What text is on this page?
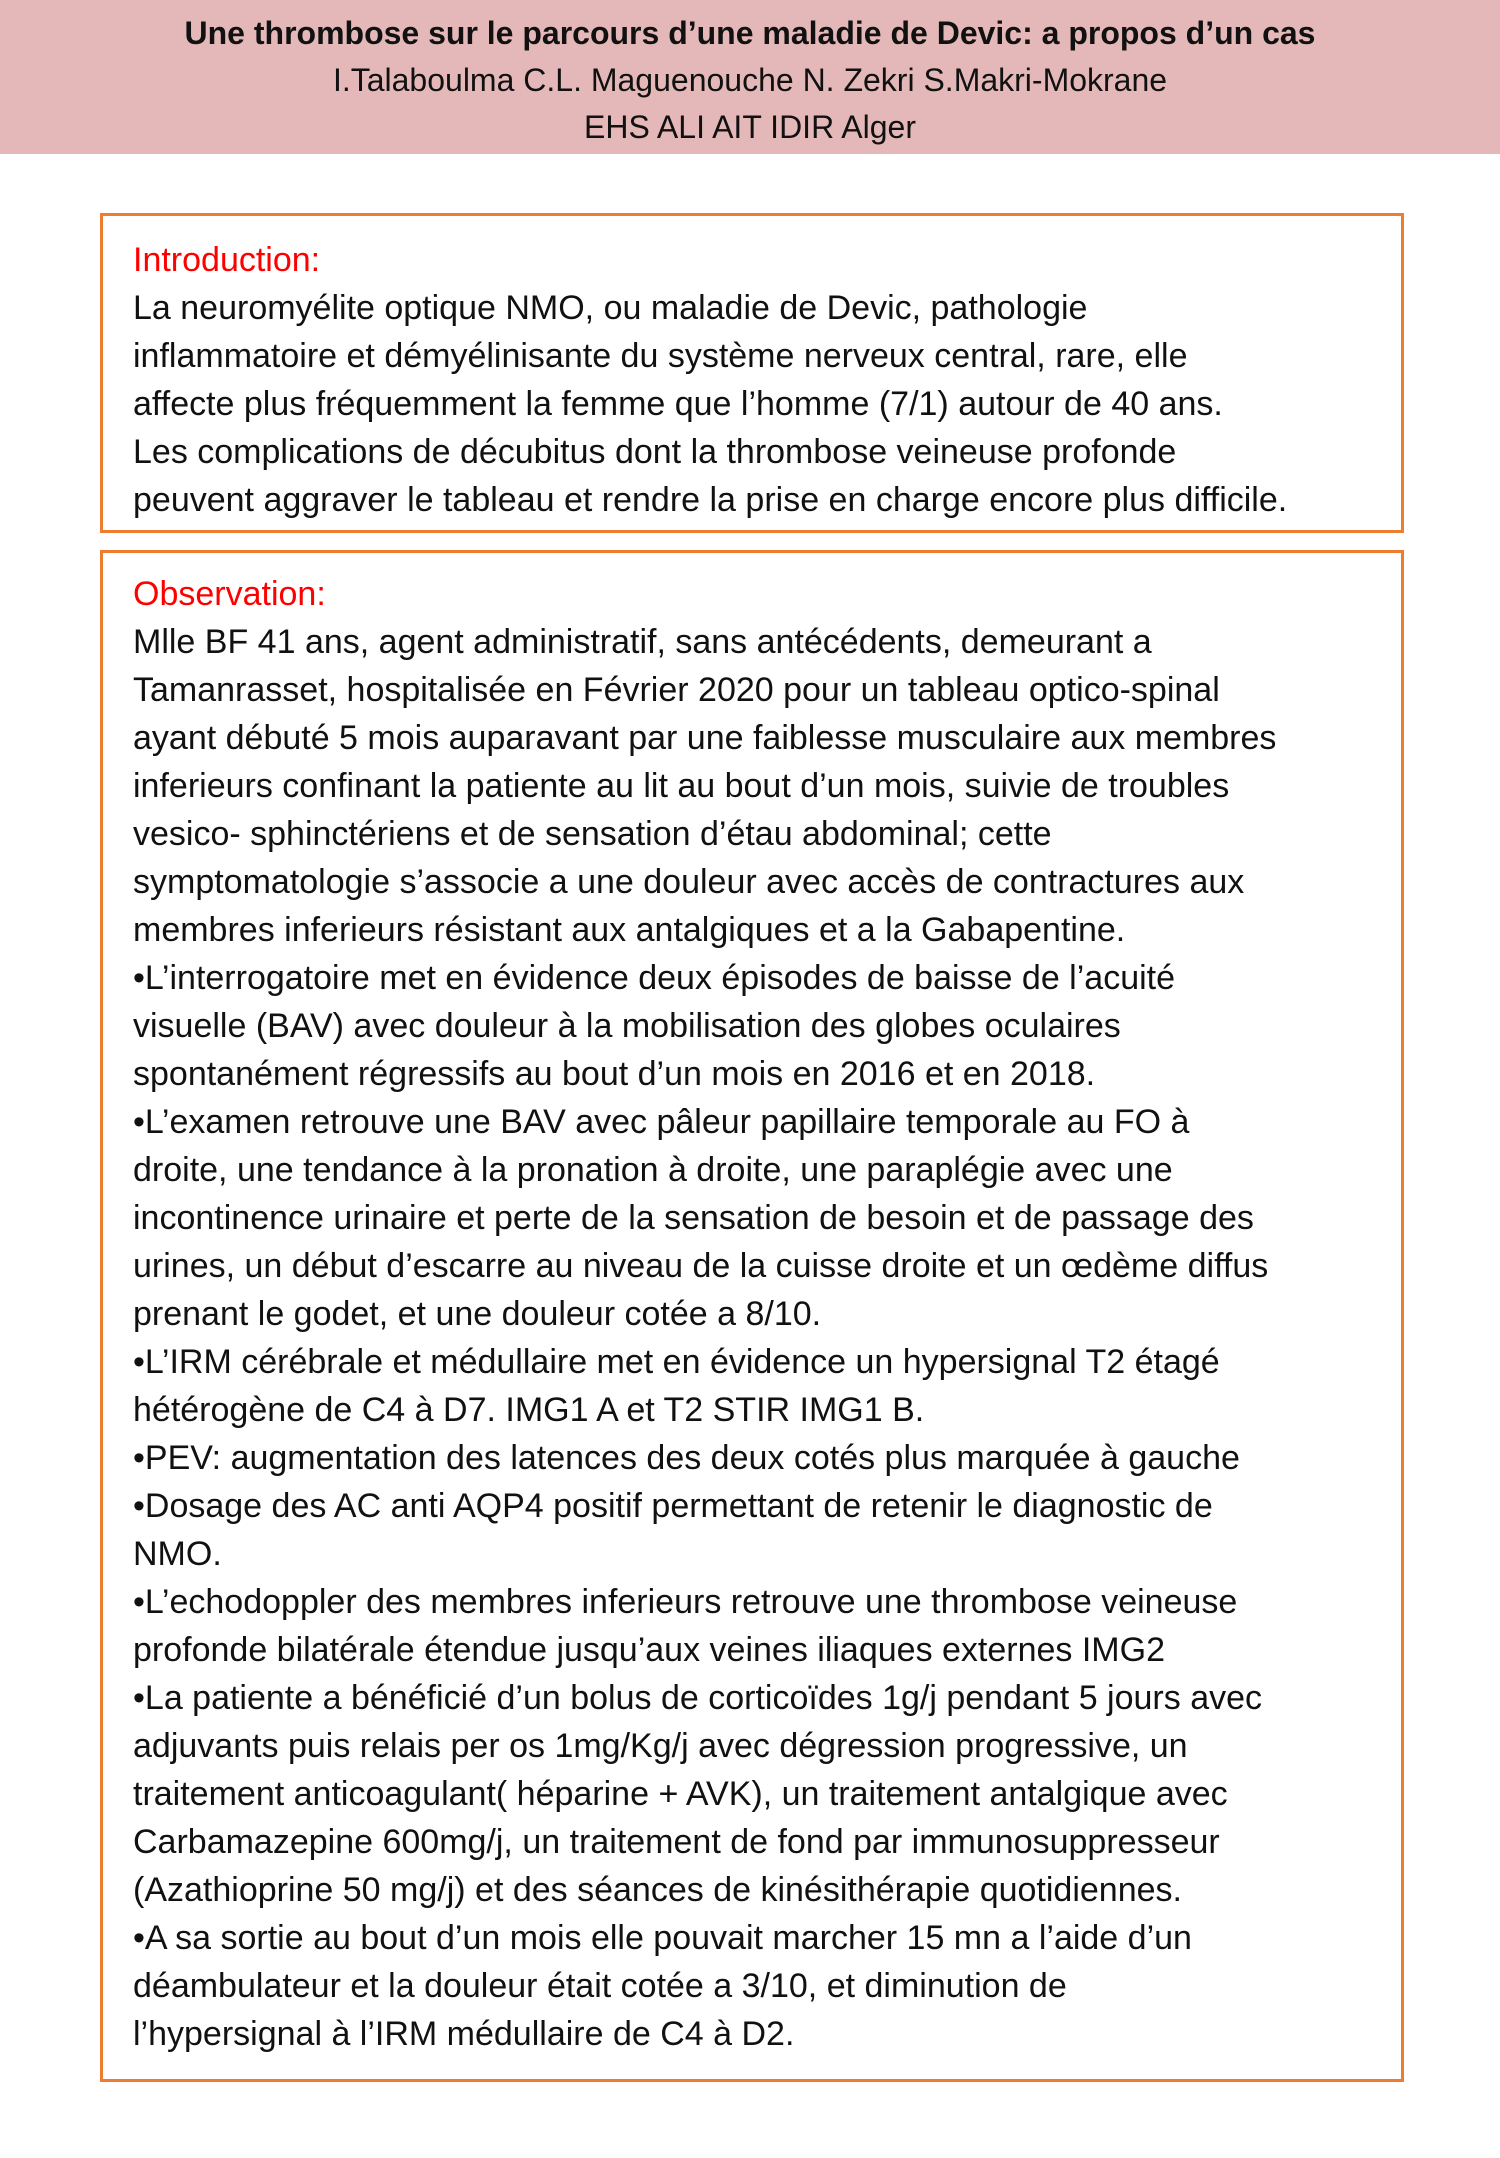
Une thrombose sur le parcours d’une maladie de Devic: a propos d’un cas
I.Talaboulma C.L. Maguenouche N. Zekri S.Makri-Mokrane
EHS ALI AIT IDIR Alger
Introduction:
La neuromyélite optique NMO, ou maladie de Devic, pathologie
inflammatoire et démyélinisante du système nerveux central, rare, elle
affecte plus fréquemment la femme que l’homme (7/1) autour de 40 ans.
Les complications de décubitus dont la thrombose veineuse profonde
peuvent aggraver le tableau et rendre la prise en charge encore plus difficile.
Observation:
Mlle BF 41 ans, agent administratif, sans antécédents, demeurant a
Tamanrasset, hospitalisée en Février 2020 pour un tableau optico-spinal
ayant débuté 5 mois auparavant par une faiblesse musculaire aux membres
inferieurs confinant la patiente au lit au bout d’un mois, suivie de troubles
vesico- sphinctériens et de sensation d’étau abdominal; cette
symptomatologie s’associe a une douleur avec accès de contractures aux
membres inferieurs résistant aux antalgiques et a la Gabapentine.
•L’interrogatoire met en évidence deux épisodes de baisse de l’acuité
visuelle (BAV) avec douleur à la mobilisation des globes oculaires
spontanément régressifs au bout d’un mois en 2016 et en 2018.
•L’examen retrouve une BAV avec pâleur papillaire temporale au FO à
droite, une tendance à la pronation à droite, une paraplégie avec une
incontinence urinaire et perte de la sensation de besoin et de passage des
urines, un début d’escarre au niveau de la cuisse droite et un œdème diffus
prenant le godet, et une douleur cotée a 8/10.
•L’IRM cérébrale et médullaire met en évidence un hypersignal T2 étagé
hétérogène de C4 à D7. IMG1 A et T2 STIR IMG1 B.
•PEV: augmentation des latences des deux cotés plus marquée à gauche
•Dosage des AC anti AQP4 positif permettant de retenir le diagnostic de
NMO.
•L’echodoppler des membres inferieurs retrouve une thrombose veineuse
profonde bilatérale étendue jusqu’aux veines iliaques externes IMG2
•La patiente a bénéficié d’un bolus de corticoïdes 1g/j pendant 5 jours avec
adjuvants puis relais per os 1mg/Kg/j avec dégression progressive, un
traitement anticoagulant( héparine + AVK), un traitement antalgique avec
Carbamazepine 600mg/j, un traitement de fond par immunosuppresseur
(Azathioprine 50 mg/j) et des séances de kinésithérapie quotidiennes.
•A sa sortie au bout d’un mois elle pouvait marcher 15 mn a l’aide d’un
déambulateur et la douleur était cotée a 3/10, et diminution de
l’hypersignal à l’IRM médullaire de C4 à D2.
